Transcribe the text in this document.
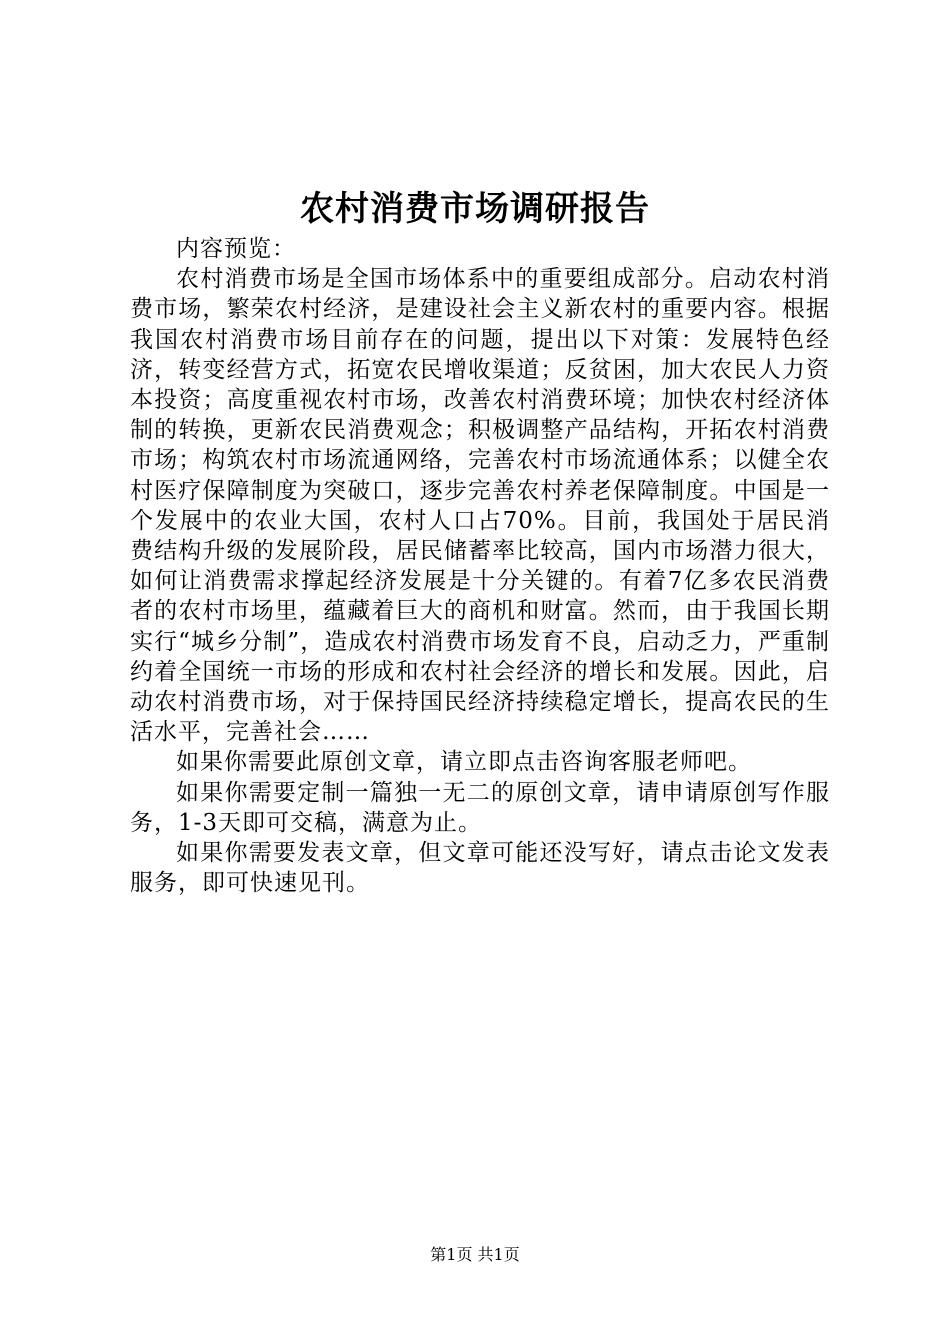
农村消费市场调研报告

内容预览：

农村消费市场是全国市场体系中的重要组成部分。启动农村消费市场，繁荣农村经济，是建设社会主义新农村的重要内容。根据我国农村消费市场目前存在的问题，提出以下对策：发展特色经济，转变经营方式，拓宽农民增收渠道；反贫困，加大农民人力资本投资；高度重视农村市场，改善农村消费环境；加快农村经济体制的转换，更新农民消费观念；积极调整产品结构，开拓农村消费市场；构筑农村市场流通网络，完善农村市场流通体系；以健全农村医疗保障制度为突破口，逐步完善农村养老保障制度。中国是一个发展中的农业大国，农村人口占70%。目前，我国处于居民消费结构升级的发展阶段，居民储蓄率比较高，国内市场潜力很大，如何让消费需求撑起经济发展是十分关键的。有着7亿多农民消费者的农村市场里，蕴藏着巨大的商机和财富。然而，由于我国长期实行“城乡分制”，造成农村消费市场发育不良，启动乏力，严重制约着全国统一市场的形成和农村社会经济的增长和发展。因此，启动农村消费市场，对于保持国民经济持续稳定增长，提高农民的生活水平，完善社会……

如果你需要此原创文章，请立即点击咨询客服老师吧。

如果你需要定制一篇独一无二的原创文章，请申请原创写作服务，1-3天即可交稿，满意为止。

如果你需要发表文章，但文章可能还没写好，请点击论文发表服务，即可快速见刊。

第1页 共1页
